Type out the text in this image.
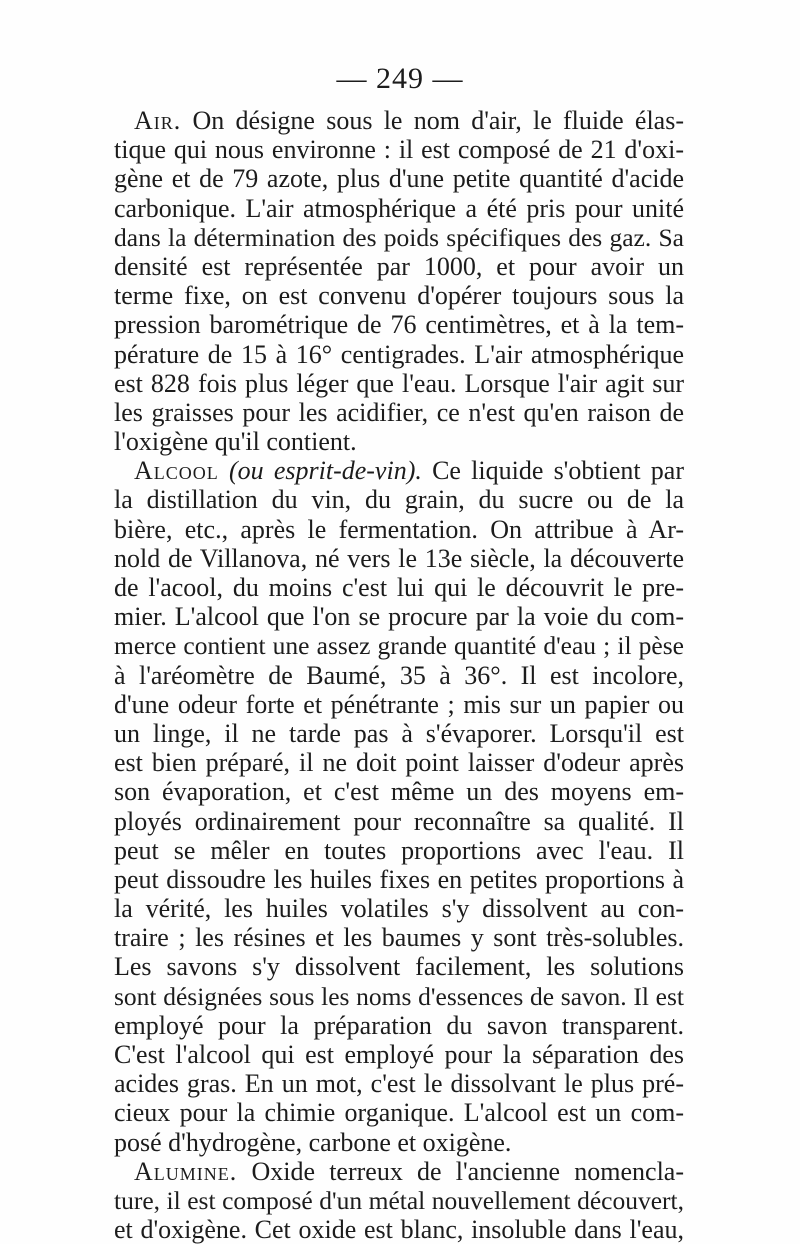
— 249 —
Air. On désigne sous le nom d'air, le fluide élas-
tique qui nous environne : il est composé de 21 d'oxi-
gène et de 79 azote, plus d'une petite quantité d'acide
carbonique. L'air atmosphérique a été pris pour unité
dans la détermination des poids spécifiques des gaz. Sa
densité est représentée par 1000, et pour avoir un
terme fixe, on est convenu d'opérer toujours sous la
pression barométrique de 76 centimètres, et à la tem-
pérature de 15 à 16° centigrades. L'air atmosphérique
est 828 fois plus léger que l'eau. Lorsque l'air agit sur
les graisses pour les acidifier, ce n'est qu'en raison de
l'oxigène qu'il contient.
Alcool (ou esprit-de-vin). Ce liquide s'obtient par
la distillation du vin, du grain, du sucre ou de la
bière, etc., après le fermentation. On attribue à Ar-
nold de Villanova, né vers le 13e siècle, la découverte
de l'acool, du moins c'est lui qui le découvrit le pre-
mier. L'alcool que l'on se procure par la voie du com-
merce contient une assez grande quantité d'eau ; il pèse
à l'aréomètre de Baumé, 35 à 36°. Il est incolore,
d'une odeur forte et pénétrante ; mis sur un papier ou
un linge, il ne tarde pas à s'évaporer. Lorsqu'il est
est bien préparé, il ne doit point laisser d'odeur après
son évaporation, et c'est même un des moyens em-
ployés ordinairement pour reconnaître sa qualité. Il
peut se mêler en toutes proportions avec l'eau. Il
peut dissoudre les huiles fixes en petites proportions à
la vérité, les huiles volatiles s'y dissolvent au con-
traire ; les résines et les baumes y sont très-solubles.
Les savons s'y dissolvent facilement, les solutions
sont désignées sous les noms d'essences de savon. Il est
employé pour la préparation du savon transparent.
C'est l'alcool qui est employé pour la séparation des
acides gras. En un mot, c'est le dissolvant le plus pré-
cieux pour la chimie organique. L'alcool est un com-
posé d'hydrogène, carbone et oxigène.
Alumine. Oxide terreux de l'ancienne nomencla-
ture, il est composé d'un métal nouvellement découvert,
et d'oxigène. Cet oxide est blanc, insoluble dans l'eau,
